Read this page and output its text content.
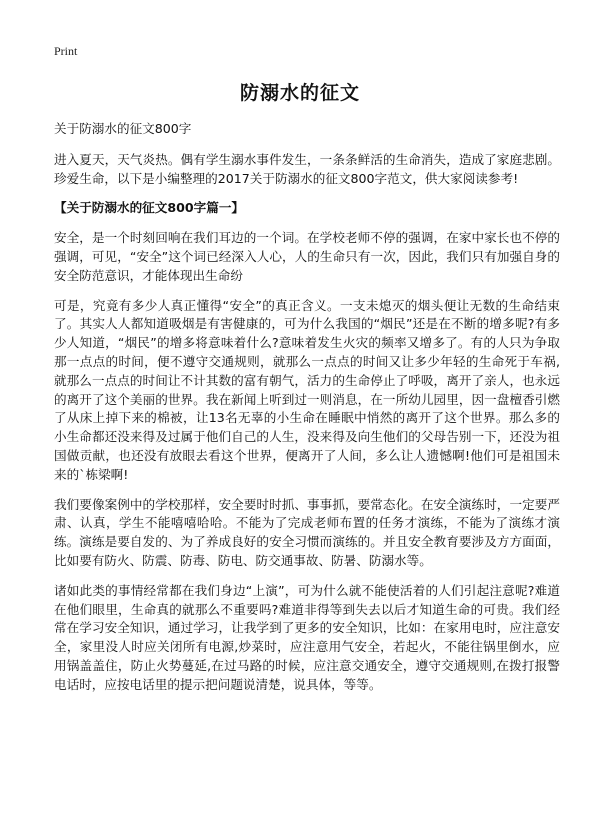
Print
防溺水的征文

关于防溺水的征文800字

进入夏天，天气炎热。偶有学生溺水事件发生，一条条鲜活的生命消失，造成了家庭悲剧。珍爱生命，以下是小编整理的2017关于防溺水的征文800字范文，供大家阅读参考!

【关于防溺水的征文800字篇一】

安全，是一个时刻回响在我们耳边的一个词。在学校老师不停的强调，在家中家长也不停的强调，可见，“安全”这个词已经深入人心，人的生命只有一次，因此，我们只有加强自身的安全防范意识，才能体现出生命纷

可是，究竟有多少人真正懂得“安全”的真正含义。一支未熄灭的烟头便让无数的生命结束了。其实人人都知道吸烟是有害健康的，可为什么我国的“烟民”还是在不断的增多呢?有多少人知道，“烟民”的增多将意味着什么?意味着发生火灾的频率又增多了。有的人只为争取那一点点的时间，便不遵守交通规则，就那么一点点的时间又让多少年轻的生命死于车祸,就那么一点点的时间让不计其数的富有朝气，活力的生命停止了呼吸，离开了亲人，也永远的离开了这个美丽的世界。我在新闻上听到过一则消息，在一所幼儿园里，因一盘檀香引燃了从床上掉下来的棉被，让13名无辜的小生命在睡眠中悄然的离开了这个世界。那么多的小生命都还没来得及过属于他们自己的人生，没来得及向生他们的父母告别一下，还没为祖国做贡献，也还没有放眼去看这个世界，便离开了人间，多么让人遗憾啊!他们可是祖国未来的`栋梁啊!

我们要像案例中的学校那样，安全要时时抓、事事抓，要常态化。在安全演练时，一定要严肃、认真，学生不能嘻嘻哈哈。不能为了完成老师布置的任务才演练，不能为了演练才演练。演练是要自发的、为了养成良好的安全习惯而演练的。并且安全教育要涉及方方面面，比如要有防火、防震、防毒、防电、防交通事故、防暑、防溺水等。

诸如此类的事情经常都在我们身边“上演”，可为什么就不能使活着的人们引起注意呢?难道在他们眼里，生命真的就那么不重要吗?难道非得等到失去以后才知道生命的可贵。我们经常在学习安全知识，通过学习，让我学到了更多的安全知识，比如：在家用电时，应注意安全，家里没人时应关闭所有电源,炒菜时，应注意用气安全，若起火，不能往锅里倒水，应用锅盖盖住，防止火势蔓延,在过马路的时候，应注意交通安全，遵守交通规则,在拨打报警电话时，应按电话里的提示把问题说清楚，说具体，等等。
